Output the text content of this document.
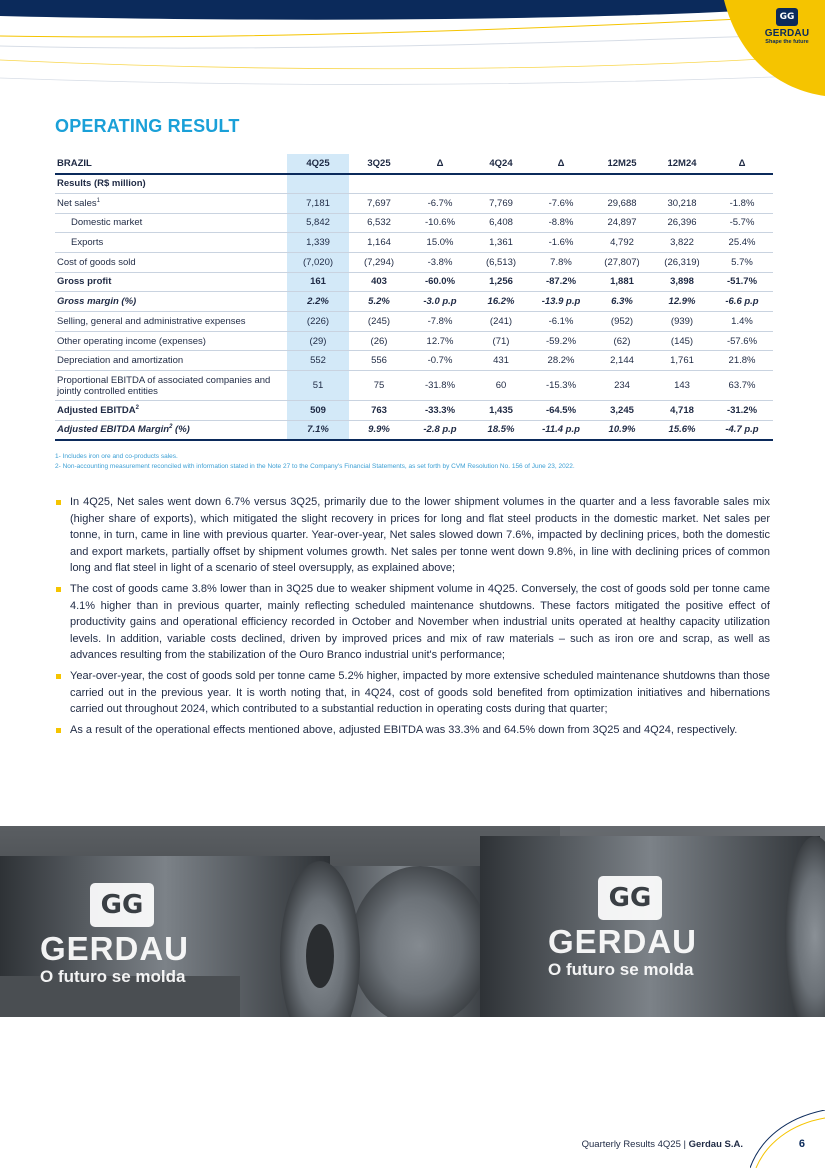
GG
GERDAU
Shape the future
OPERATING RESULT
BRAZIL	4Q25	3Q25	Δ	4Q24	Δ	12M25	12M24	Δ
Results (R$ million)								
Net sales$^1$	7,181	7,697	-6.7%	7,769	-7.6%	29,688	30,218	-1.8%
Domestic market	5,842	6,532	-10.6%	6,408	-8.8%	24,897	26,396	-5.7%
Exports	1,339	1,164	15.0%	1,361	-1.6%	4,792	3,822	25.4%
Cost of goods sold	(7,020)	(7,294)	-3.8%	(6,513)	7.8%	(27,807)	(26,319)	5.7%
Gross profit	161	403	-60.0%	1,256	-87.2%	1,881	3,898	-51.7%
Gross margin (%)	2.2%	5.2%	-3.0 p.p	16.2%	-13.9 p.p	6.3%	12.9%	-6.6 p.p
Selling, general and administrative expenses	(226)	(245)	-7.8%	(241)	-6.1%	(952)	(939)	1.4%
Other operating income (expenses)	(29)	(26)	12.7%	(71)	-59.2%	(62)	(145)	-57.6%
Depreciation and amortization	552	556	-0.7%	431	28.2%	2,144	1,761	21.8%
Proportional EBITDA of associated companies and jointly controlled entities	51	75	-31.8%	60	-15.3%	234	143	63.7%
Adjusted EBITDA$^2$	509	763	-33.3%	1,435	-64.5%	3,245	4,718	-31.2%
Adjusted EBITDA Margin$^2$ (%)	7.1%	9.9%	-2.8 p.p	18.5%	-11.4 p.p	10.9%	15.6%	-4.7 p.p
1- Includes iron ore and co-products sales.
2- Non-accounting measurement reconciled with information stated in the Note 27 to the Company's Financial Statements, as set forth by CVM Resolution No. 156 of June 23, 2022.
In 4Q25, Net sales went down 6.7% versus 3Q25, primarily due to the lower shipment volumes in the quarter and a less favorable sales mix (higher share of exports), which mitigated the slight recovery in prices for long and flat steel products in the domestic market. Net sales per tonne, in turn, came in line with previous quarter. Year-over-year, Net sales slowed down 7.6%, impacted by declining prices, both the domestic and export markets, partially offset by shipment volumes growth. Net sales per tonne went down 9.8%, in line with declining prices of common long and flat steel in light of a scenario of steel oversupply, as explained above;
The cost of goods came 3.8% lower than in 3Q25 due to weaker shipment volume in 4Q25. Conversely, the cost of goods sold per tonne came 4.1% higher than in previous quarter, mainly reflecting scheduled maintenance shutdowns. These factors mitigated the positive effect of productivity gains and operational efficiency recorded in October and November when industrial units operated at healthy capacity utilization levels. In addition, variable costs declined, driven by improved prices and mix of raw materials – such as iron ore and scrap, as well as advances resulting from the stabilization of the Ouro Branco industrial unit's performance;
Year-over-year, the cost of goods sold per tonne came 5.2% higher, impacted by more extensive scheduled maintenance shutdowns than those carried out in the previous year. It is worth noting that, in 4Q24, cost of goods sold benefited from optimization initiatives and hibernations carried out throughout 2024, which contributed to a substantial reduction in operating costs during that quarter;
As a result of the operational effects mentioned above, adjusted EBITDA was 33.3% and 64.5% down from 3Q25 and 4Q24, respectively.
GG
GERDAU
O futuro se molda
GG
GERDAU
O futuro se molda
Quarterly Results 4Q25 | Gerdau S.A.	6
